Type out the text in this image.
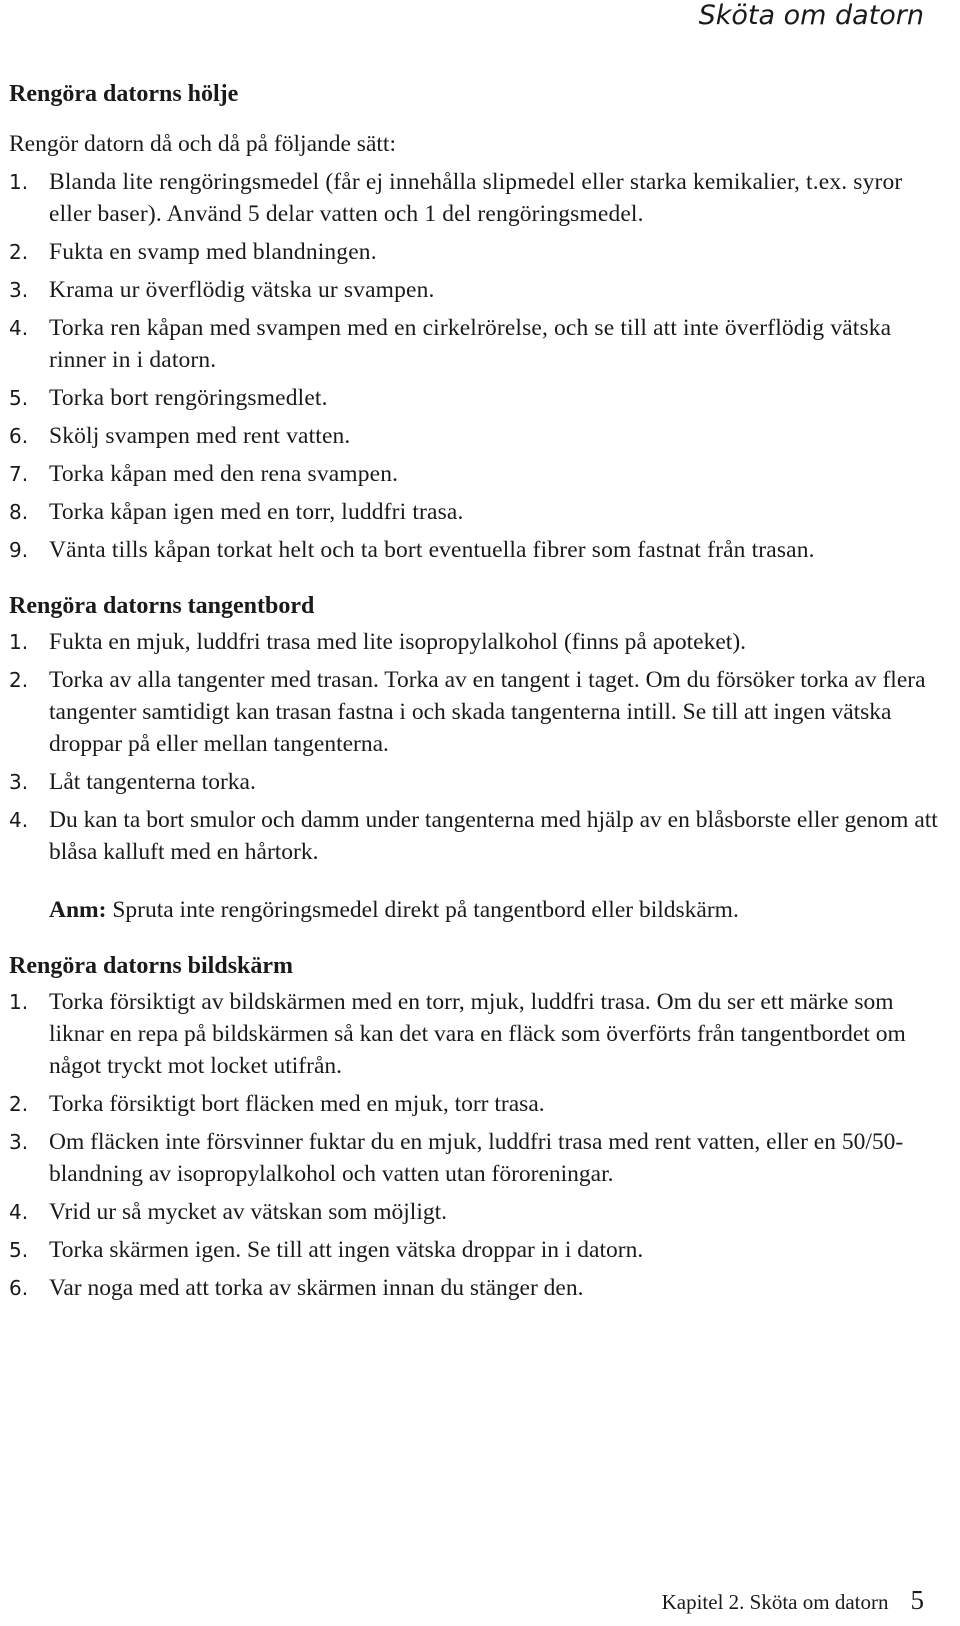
Sköta om datorn
Rengöra datorns hölje

Rengör datorn då och då på följande sätt:

1. Blanda lite rengöringsmedel (får ej innehålla slipmedel eller starka kemikalier, t.ex. syror eller baser). Använd 5 delar vatten och 1 del rengöringsmedel.
2. Fukta en svamp med blandningen.
3. Krama ur överflödig vätska ur svampen.
4. Torka ren kåpan med svampen med en cirkelrörelse, och se till att inte överflödig vätska rinner in i datorn.
5. Torka bort rengöringsmedlet.
6. Skölj svampen med rent vatten.
7. Torka kåpan med den rena svampen.
8. Torka kåpan igen med en torr, luddfri trasa.
9. Vänta tills kåpan torkat helt och ta bort eventuella fibrer som fastnat från trasan.
Rengöra datorns tangentbord
1. Fukta en mjuk, luddfri trasa med lite isopropylalkohol (finns på apoteket).
2. Torka av alla tangenter med trasan. Torka av en tangent i taget. Om du försöker torka av flera tangenter samtidigt kan trasan fastna i och skada tangenterna intill. Se till att ingen vätska droppar på eller mellan tangenterna.
3. Låt tangenterna torka.
4. Du kan ta bort smulor och damm under tangenterna med hjälp av en blåsborste eller genom att blåsa kalluft med en hårtork.

Anm: Spruta inte rengöringsmedel direkt på tangentbord eller bildskärm.

Rengöra datorns bildskärm
1. Torka försiktigt av bildskärmen med en torr, mjuk, luddfri trasa. Om du ser ett märke som liknar en repa på bildskärmen så kan det vara en fläck som överförts från tangentbordet om något tryckt mot locket utifrån.
2. Torka försiktigt bort fläcken med en mjuk, torr trasa.
3. Om fläcken inte försvinner fuktar du en mjuk, luddfri trasa med rent vatten, eller en 50/50-blandning av isopropylalkohol och vatten utan föroreningar.
4. Vrid ur så mycket av vätskan som möjligt.
5. Torka skärmen igen. Se till att ingen vätska droppar in i datorn.
6. Var noga med att torka av skärmen innan du stänger den.
Kapitel 2. Sköta om datorn 5
